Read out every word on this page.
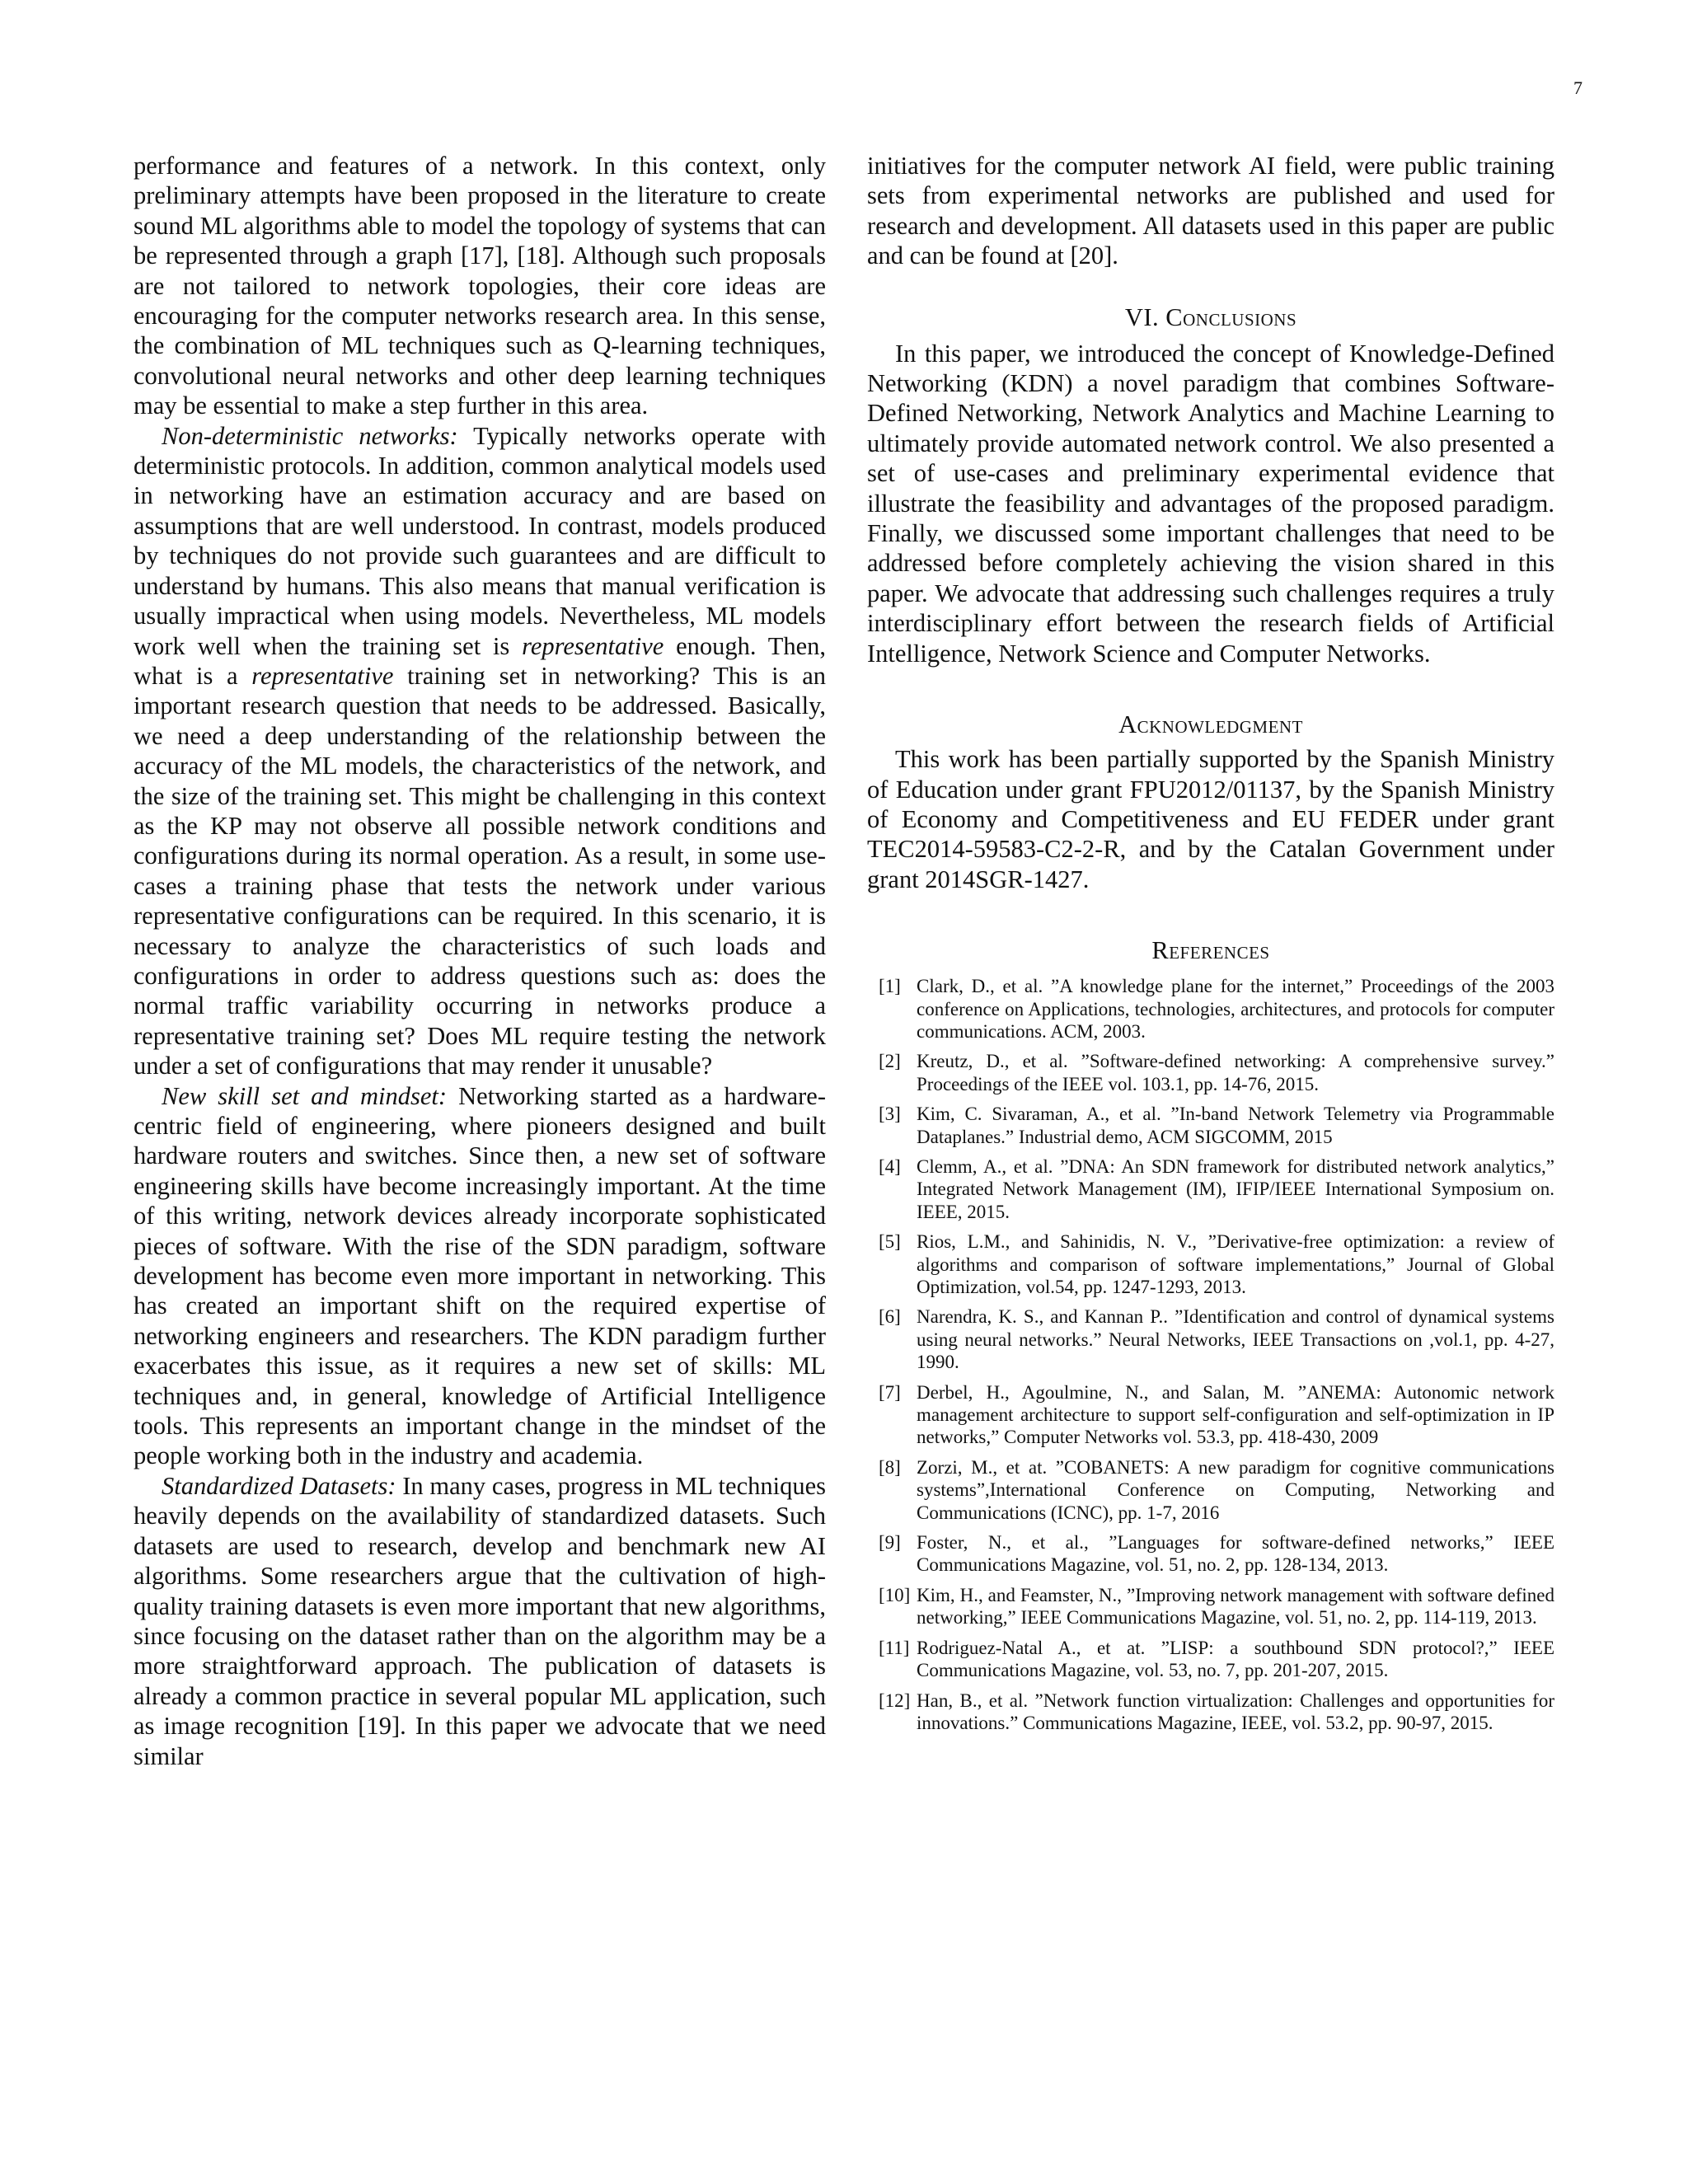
7

performance and features of a network. In this context, only preliminary attempts have been proposed in the literature to create sound ML algorithms able to model the topology of systems that can be represented through a graph [17], [18]. Although such proposals are not tailored to network topologies, their core ideas are encouraging for the computer networks research area. In this sense, the combination of ML techniques such as Q-learning techniques, convolutional neural networks and other deep learning techniques may be essential to make a step further in this area.

Non-deterministic networks: Typically networks operate with deterministic protocols. In addition, common analytical models used in networking have an estimation accuracy and are based on assumptions that are well understood. In contrast, models produced by techniques do not provide such guarantees and are difficult to understand by humans. This also means that manual verification is usually impractical when using models. Nevertheless, ML models work well when the training set is representative enough. Then, what is a representative training set in networking? This is an important research question that needs to be addressed. Basically, we need a deep understanding of the relationship between the accuracy of the ML models, the characteristics of the network, and the size of the training set. This might be challenging in this context as the KP may not observe all possible network conditions and configurations during its normal operation. As a result, in some use-cases a training phase that tests the network under various representative configurations can be required. In this scenario, it is necessary to analyze the characteristics of such loads and configurations in order to address questions such as: does the normal traffic variability occurring in networks produce a representative training set? Does ML require testing the network under a set of configurations that may render it unusable?

New skill set and mindset: Networking started as a hardware-centric field of engineering, where pioneers designed and built hardware routers and switches. Since then, a new set of software engineering skills have become increasingly important. At the time of this writing, network devices already incorporate sophisticated pieces of software. With the rise of the SDN paradigm, software development has become even more important in networking. This has created an important shift on the required expertise of networking engineers and researchers. The KDN paradigm further exacerbates this issue, as it requires a new set of skills: ML techniques and, in general, knowledge of Artificial Intelligence tools. This represents an important change in the mindset of the people working both in the industry and academia.

Standardized Datasets: In many cases, progress in ML techniques heavily depends on the availability of standardized datasets. Such datasets are used to research, develop and benchmark new AI algorithms. Some researchers argue that the cultivation of high-quality training datasets is even more important that new algorithms, since focusing on the dataset rather than on the algorithm may be a more straightforward approach. The publication of datasets is already a common practice in several popular ML application, such as image recognition [19]. In this paper we advocate that we need similar

initiatives for the computer network AI field, were public training sets from experimental networks are published and used for research and development. All datasets used in this paper are public and can be found at [20].

VI. Conclusions

In this paper, we introduced the concept of Knowledge-Defined Networking (KDN) a novel paradigm that combines Software-Defined Networking, Network Analytics and Machine Learning to ultimately provide automated network control. We also presented a set of use-cases and preliminary experimental evidence that illustrate the feasibility and advantages of the proposed paradigm. Finally, we discussed some important challenges that need to be addressed before completely achieving the vision shared in this paper. We advocate that addressing such challenges requires a truly interdisciplinary effort between the research fields of Artificial Intelligence, Network Science and Computer Networks.

Acknowledgment

This work has been partially supported by the Spanish Ministry of Education under grant FPU2012/01137, by the Spanish Ministry of Economy and Competitiveness and EU FEDER under grant TEC2014-59583-C2-2-R, and by the Catalan Government under grant 2014SGR-1427.

References
[1] Clark, D., et al. ”A knowledge plane for the internet,” Proceedings of the 2003 conference on Applications, technologies, architectures, and protocols for computer communications. ACM, 2003.
[2] Kreutz, D., et al. ”Software-defined networking: A comprehensive survey.” Proceedings of the IEEE vol. 103.1, pp. 14-76, 2015.
[3] Kim, C. Sivaraman, A., et al. ”In-band Network Telemetry via Programmable Dataplanes.” Industrial demo, ACM SIGCOMM, 2015
[4] Clemm, A., et al. ”DNA: An SDN framework for distributed network analytics,” Integrated Network Management (IM), IFIP/IEEE International Symposium on. IEEE, 2015.
[5] Rios, L.M., and Sahinidis, N. V., ”Derivative-free optimization: a review of algorithms and comparison of software implementations,” Journal of Global Optimization, vol.54, pp. 1247-1293, 2013.
[6] Narendra, K. S., and Kannan P.. ”Identification and control of dynamical systems using neural networks.” Neural Networks, IEEE Transactions on ,vol.1, pp. 4-27, 1990.
[7] Derbel, H., Agoulmine, N., and Salan, M. ”ANEMA: Autonomic network management architecture to support self-configuration and self-optimization in IP networks,” Computer Networks vol. 53.3, pp. 418-430, 2009
[8] Zorzi, M., et at. ”COBANETS: A new paradigm for cognitive communications systems”,International Conference on Computing, Networking and Communications (ICNC), pp. 1-7, 2016
[9] Foster, N., et al., ”Languages for software-defined networks,” IEEE Communications Magazine, vol. 51, no. 2, pp. 128-134, 2013.
[10] Kim, H., and Feamster, N., ”Improving network management with software defined networking,” IEEE Communications Magazine, vol. 51, no. 2, pp. 114-119, 2013.
[11] Rodriguez-Natal A., et at. ”LISP: a southbound SDN protocol?,” IEEE Communications Magazine, vol. 53, no. 7, pp. 201-207, 2015.
[12] Han, B., et al. ”Network function virtualization: Challenges and opportunities for innovations.” Communications Magazine, IEEE, vol. 53.2, pp. 90-97, 2015.
